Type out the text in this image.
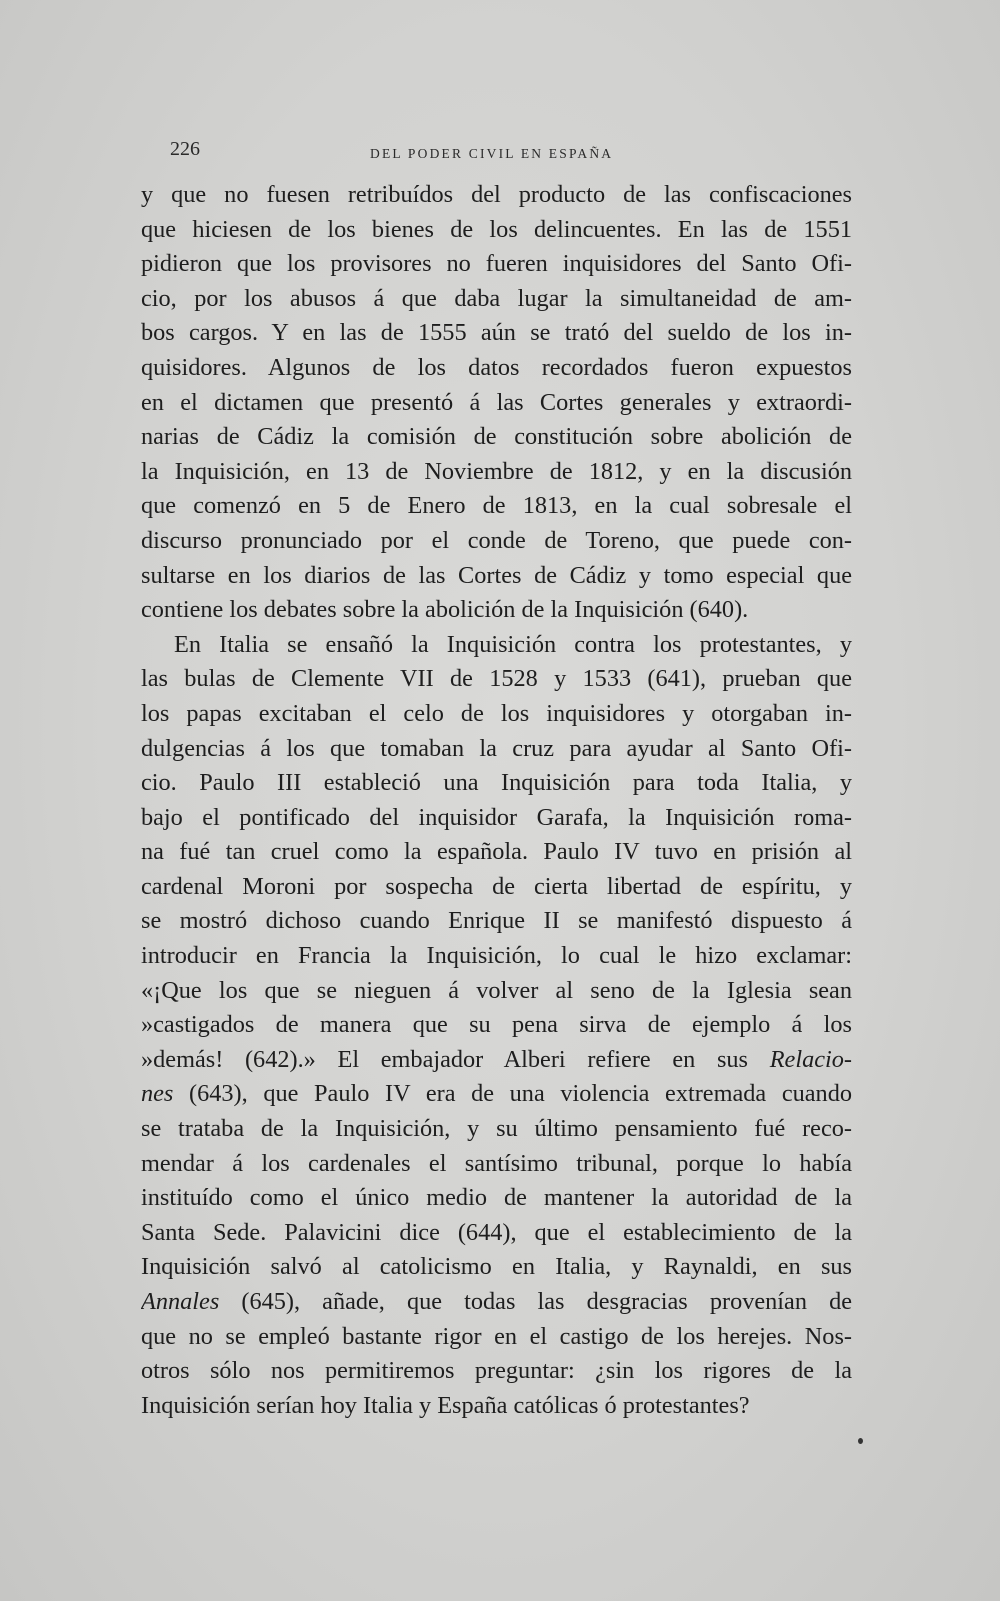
226	DEL PODER CIVIL EN ESPAÑA
y que no fuesen retribuídos del producto de las confiscaciones
que hiciesen de los bienes de los delincuentes. En las de 1551
pidieron que los provisores no fueren inquisidores del Santo Ofi-
cio, por los abusos á que daba lugar la simultaneidad de am-
bos cargos. Y en las de 1555 aún se trató del sueldo de los in-
quisidores. Algunos de los datos recordados fueron expuestos
en el dictamen que presentó á las Cortes generales y extraordi-
narias de Cádiz la comisión de constitución sobre abolición de
la Inquisición, en 13 de Noviembre de 1812, y en la discusión
que comenzó en 5 de Enero de 1813, en la cual sobresale el
discurso pronunciado por el conde de Toreno, que puede con-
sultarse en los diarios de las Cortes de Cádiz y tomo especial que
contiene los debates sobre la abolición de la Inquisición (640).
En Italia se ensañó la Inquisición contra los protestantes, y
las bulas de Clemente VII de 1528 y 1533 (641), prueban que
los papas excitaban el celo de los inquisidores y otorgaban in-
dulgencias á los que tomaban la cruz para ayudar al Santo Ofi-
cio. Paulo III estableció una Inquisición para toda Italia, y
bajo el pontificado del inquisidor Garafa, la Inquisición roma-
na fué tan cruel como la española. Paulo IV tuvo en prisión al
cardenal Moroni por sospecha de cierta libertad de espíritu, y
se mostró dichoso cuando Enrique II se manifestó dispuesto á
introducir en Francia la Inquisición, lo cual le hizo exclamar:
«¡Que los que se nieguen á volver al seno de la Iglesia sean
»castigados de manera que su pena sirva de ejemplo á los
»demás! (642).» El embajador Alberi refiere en sus Relacio-
nes (643), que Paulo IV era de una violencia extremada cuando
se trataba de la Inquisición, y su último pensamiento fué reco-
mendar á los cardenales el santísimo tribunal, porque lo había
instituído como el único medio de mantener la autoridad de la
Santa Sede. Palavicini dice (644), que el establecimiento de la
Inquisición salvó al catolicismo en Italia, y Raynaldi, en sus
Annales (645), añade, que todas las desgracias provenían de
que no se empleó bastante rigor en el castigo de los herejes. Nos-
otros sólo nos permitiremos preguntar: ¿sin los rigores de la
Inquisición serían hoy Italia y España católicas ó protestantes?
